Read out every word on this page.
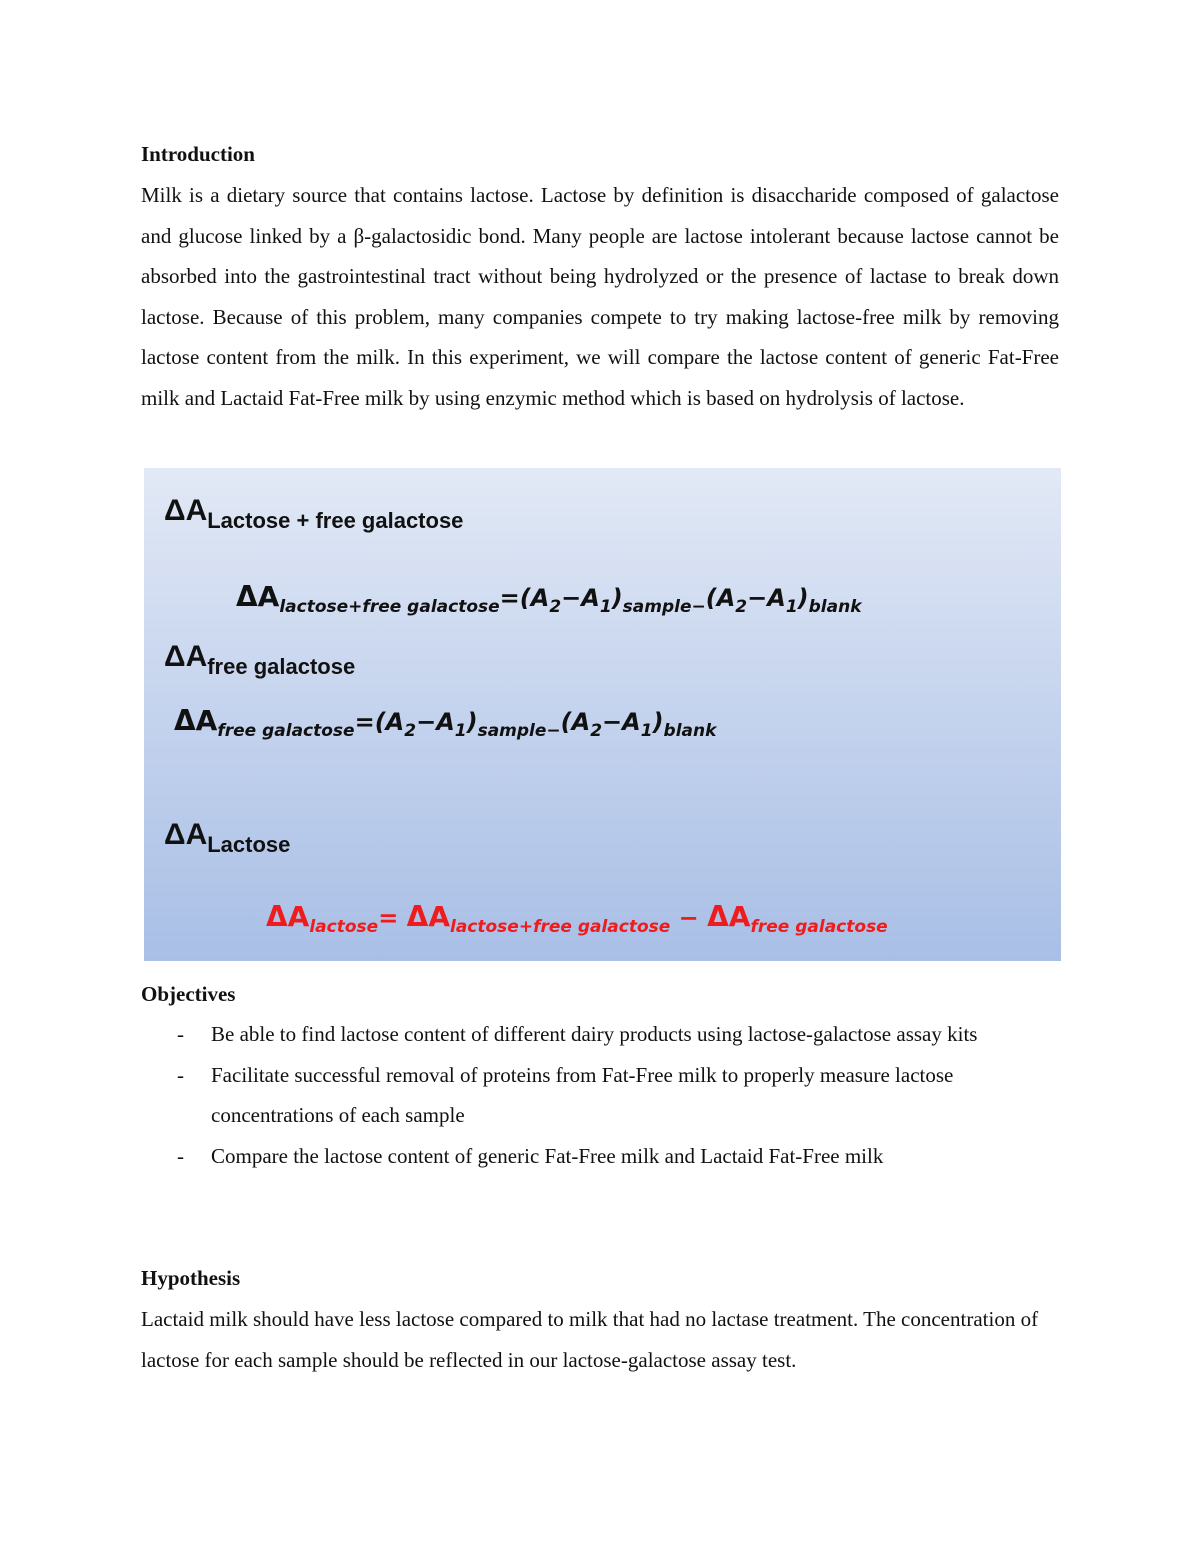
Introduction

Milk is a dietary source that contains lactose. Lactose by definition is disaccharide composed of galactose and glucose linked by a β-galactosidic bond. Many people are lactose intolerant because lactose cannot be absorbed into the gastrointestinal tract without being hydrolyzed or the presence of lactase to break down lactose. Because of this problem, many companies compete to try making lactose-free milk by removing lactose content from the milk. In this experiment, we will compare the lactose content of generic Fat-Free milk and Lactaid Fat-Free milk by using enzymic method which is based on hydrolysis of lactose.

$\Delta A_{Lactose + free galactose}$
$\Delta A_{lactose+free galactose}=(A_2-A_1)_{sample-}(A_2-A_1)_{blank}$
$\Delta A_{free galactose}$
$\Delta A_{free galactose}=(A_2-A_1)_{sample-}(A_2-A_1)_{blank}$
$\Delta A_{Lactose}$
$\Delta A_{lactose}= \Delta A_{lactose+free galactose} - \Delta A_{free galactose}$
Objectives
- Be able to find lactose content of different dairy products using lactose-galactose assay kits
- Facilitate successful removal of proteins from Fat-Free milk to properly measure lactose concentrations of each sample
- Compare the lactose content of generic Fat-Free milk and Lactaid Fat-Free milk
Hypothesis

Lactaid milk should have less lactose compared to milk that had no lactase treatment. The concentration of lactose for each sample should be reflected in our lactose-galactose assay test.
